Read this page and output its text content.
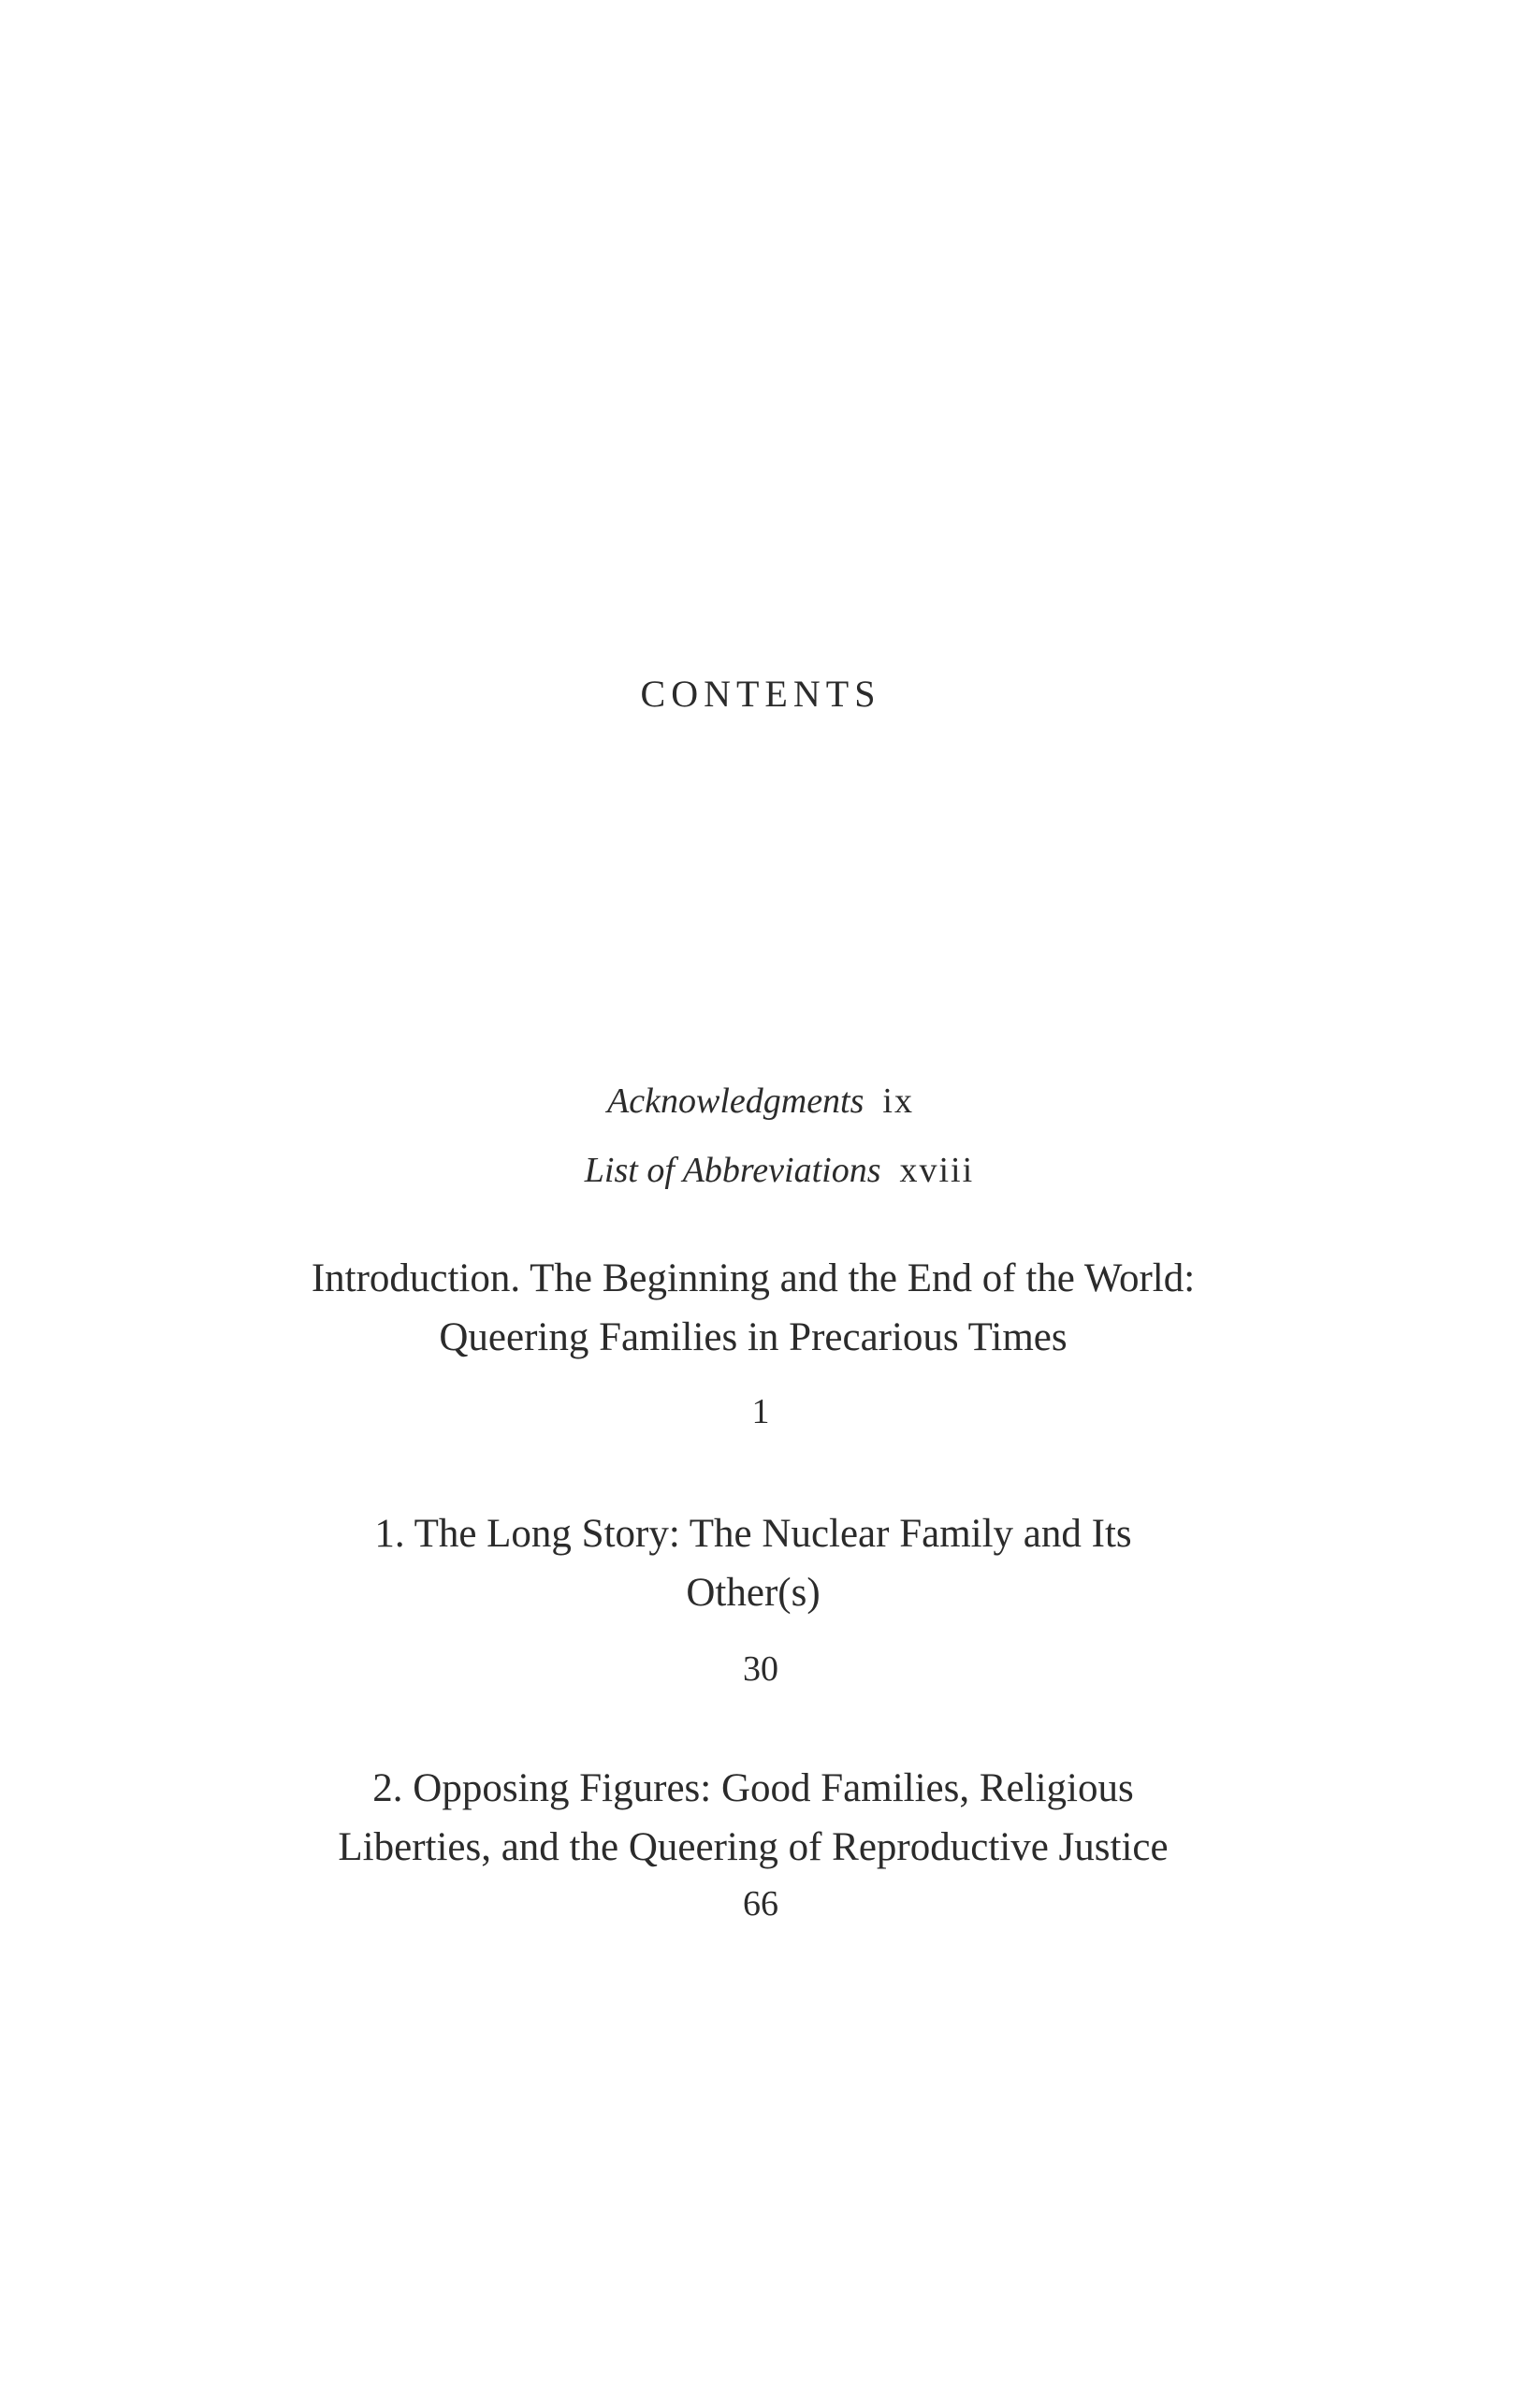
CONTENTS
Acknowledgments ix
List of Abbreviations xviii
Introduction. The Beginning and the End of the World:
Queering Families in Precarious Times
1
1. The Long Story: The Nuclear Family and Its
Other(s)
30
2. Opposing Figures: Good Families, Religious
Liberties, and the Queering of Reproductive Justice
66
